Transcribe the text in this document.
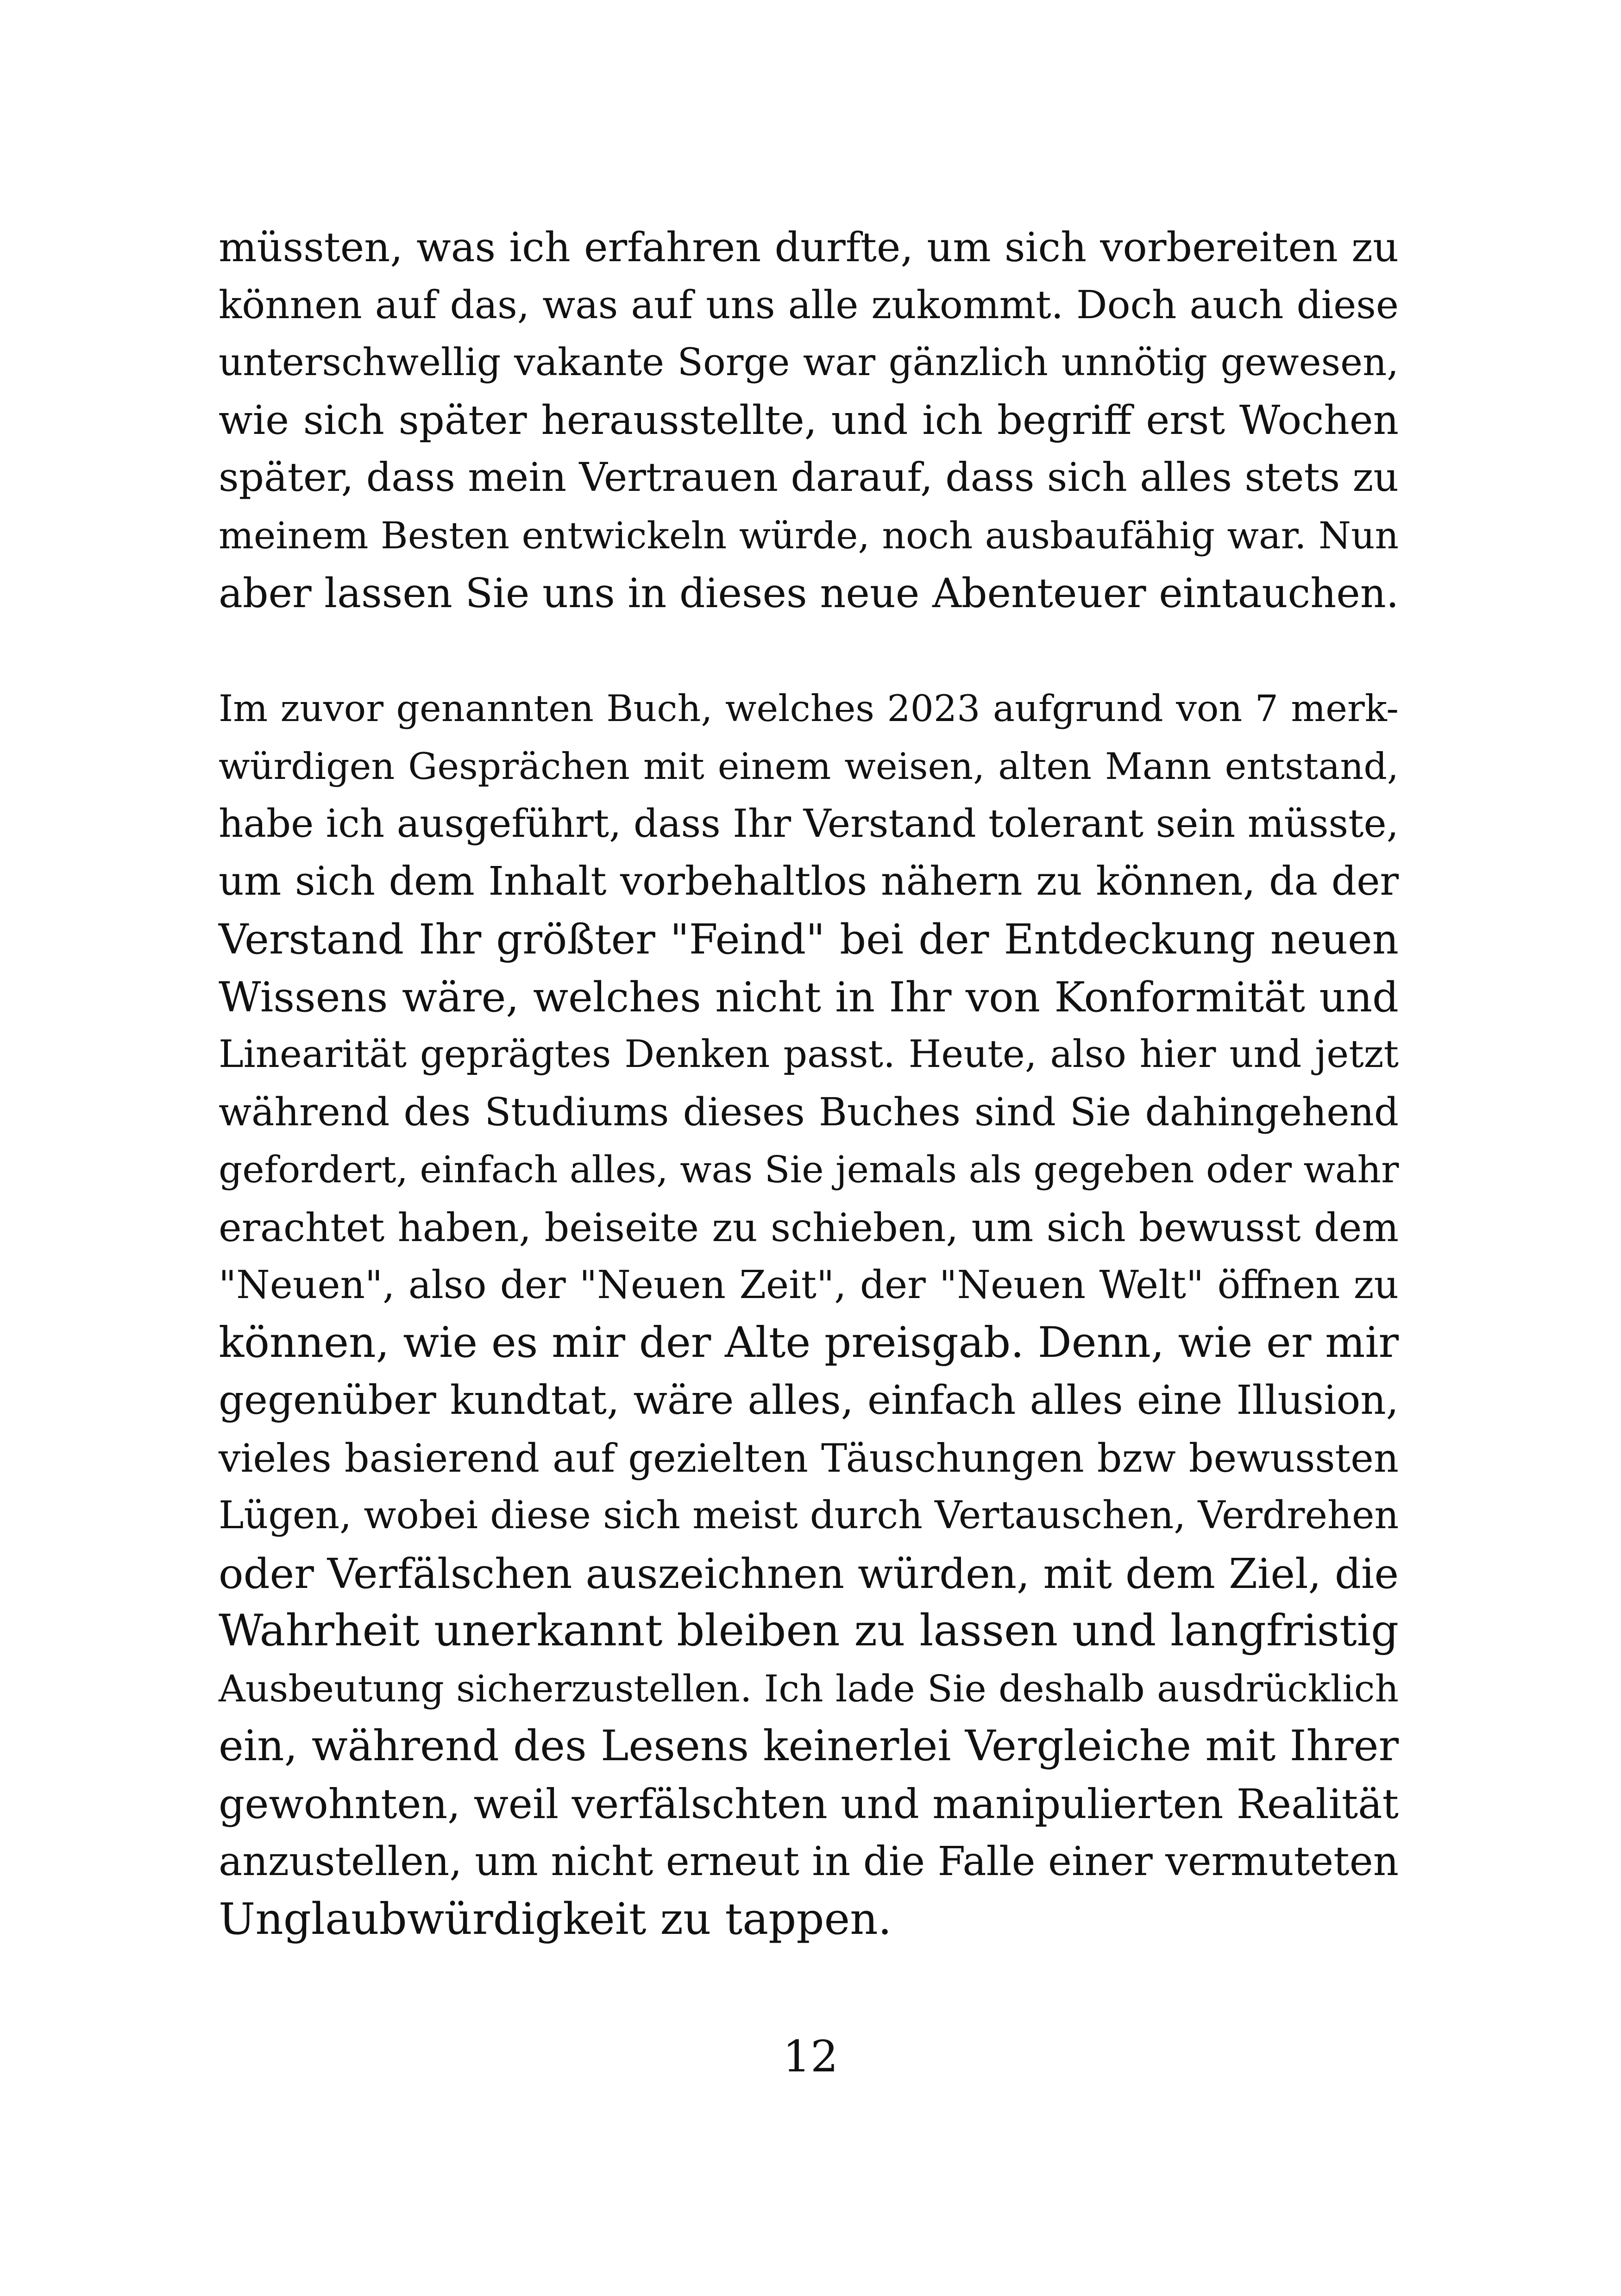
müssten, was ich erfahren durfte, um sich vorbereiten zu
können auf das, was auf uns alle zukommt. Doch auch diese
unterschwellig vakante Sorge war gänzlich unnötig gewesen,
wie sich später herausstellte, und ich begriff erst Wochen
später, dass mein Vertrauen darauf, dass sich alles stets zu
meinem Besten entwickeln würde, noch ausbaufähig war. Nun
aber lassen Sie uns in dieses neue Abenteuer eintauchen.
Im zuvor genannten Buch, welches 2023 aufgrund von 7 merk-
würdigen Gesprächen mit einem weisen, alten Mann entstand,
habe ich ausgeführt, dass Ihr Verstand tolerant sein müsste,
um sich dem Inhalt vorbehaltlos nähern zu können, da der
Verstand Ihr größter "Feind" bei der Entdeckung neuen
Wissens wäre, welches nicht in Ihr von Konformität und
Linearität geprägtes Denken passt. Heute, also hier und jetzt
während des Studiums dieses Buches sind Sie dahingehend
gefordert, einfach alles, was Sie jemals als gegeben oder wahr
erachtet haben, beiseite zu schieben, um sich bewusst dem
"Neuen", also der "Neuen Zeit", der "Neuen Welt" öffnen zu
können, wie es mir der Alte preisgab. Denn, wie er mir
gegenüber kundtat, wäre alles, einfach alles eine Illusion,
vieles basierend auf gezielten Täuschungen bzw bewussten
Lügen, wobei diese sich meist durch Vertauschen, Verdrehen
oder Verfälschen auszeichnen würden, mit dem Ziel, die
Wahrheit unerkannt bleiben zu lassen und langfristig
Ausbeutung sicherzustellen. Ich lade Sie deshalb ausdrücklich
ein, während des Lesens keinerlei Vergleiche mit Ihrer
gewohnten, weil verfälschten und manipulierten Realität
anzustellen, um nicht erneut in die Falle einer vermuteten
Unglaubwürdigkeit zu tappen.
12
